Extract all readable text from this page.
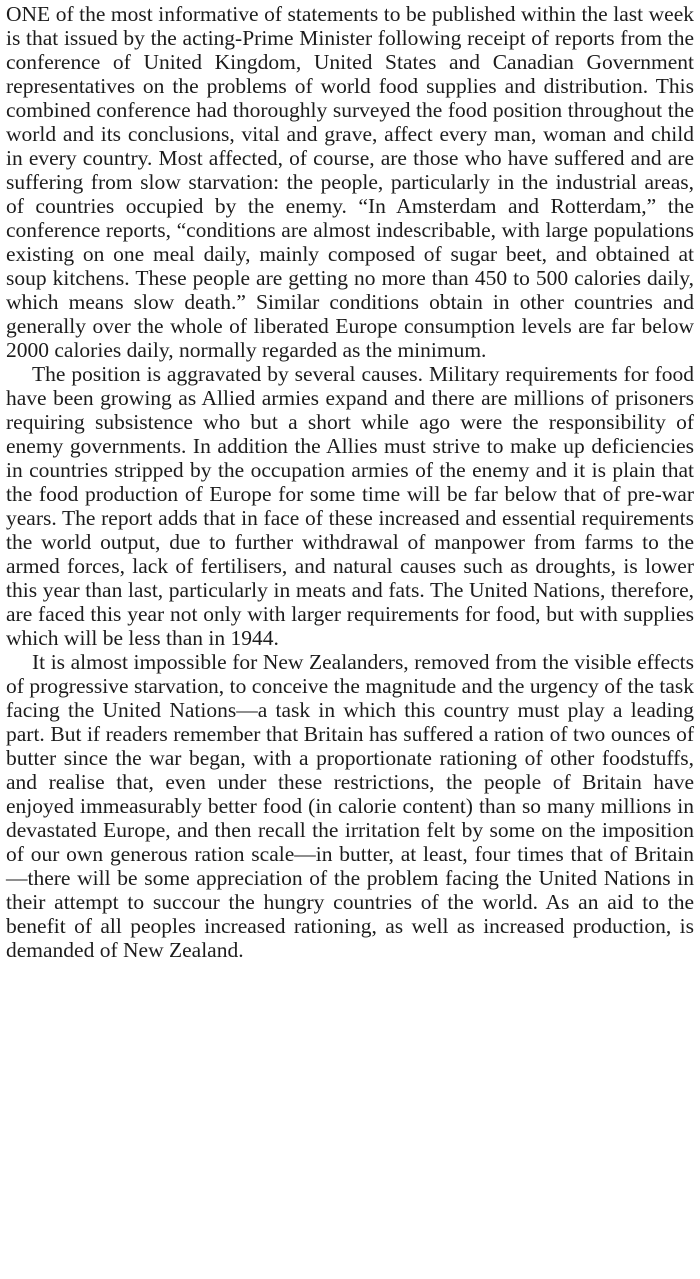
ONE of the most informative of statements to be published within the last week is that issued by the acting-Prime Minister following receipt of reports from the conference of United Kingdom, United States and Canadian Government representatives on the problems of world food supplies and distribution. This combined conference had thoroughly surveyed the food position throughout the world and its conclusions, vital and grave, affect every man, woman and child in every country. Most affected, of course, are those who have suffered and are suffering from slow starvation: the people, particularly in the industrial areas, of countries occupied by the enemy. “In Amsterdam and Rotterdam,” the conference reports, “conditions are almost indescribable, with large populations existing on one meal daily, mainly composed of sugar beet, and obtained at soup kitchens. These people are getting no more than 450 to 500 calories daily, which means slow death.” Similar conditions obtain in other countries and generally over the whole of liberated Europe consumption levels are far below 2000 calories daily, normally regarded as the minimum.

The position is aggravated by several causes. Military requirements for food have been growing as Allied armies expand and there are millions of prisoners requiring subsistence who but a short while ago were the responsibility of enemy governments. In addition the Allies must strive to make up deficiencies in countries stripped by the occupation armies of the enemy and it is plain that the food production of Europe for some time will be far below that of pre-war years. The report adds that in face of these increased and essential requirements the world output, due to further withdrawal of manpower from farms to the armed forces, lack of fertilisers, and natural causes such as droughts, is lower this year than last, particularly in meats and fats. The United Nations, therefore, are faced this year not only with larger requirements for food, but with supplies which will be less than in 1944.

It is almost impossible for New Zealanders, removed from the visible effects of progressive starvation, to conceive the magnitude and the urgency of the task facing the United Nations—a task in which this country must play a leading part. But if readers remember that Britain has suffered a ration of two ounces of butter since the war began, with a proportionate rationing of other foodstuffs, and realise that, even under these restrictions, the people of Britain have enjoyed immeasurably better food (in calorie content) than so many millions in devastated Europe, and then recall the irritation felt by some on the imposition of our own generous ration scale—in butter, at least, four times that of Britain—there will be some appreciation of the problem facing the United Nations in their attempt to succour the hungry countries of the world. As an aid to the benefit of all peoples increased rationing, as well as increased production, is demanded of New Zealand.
